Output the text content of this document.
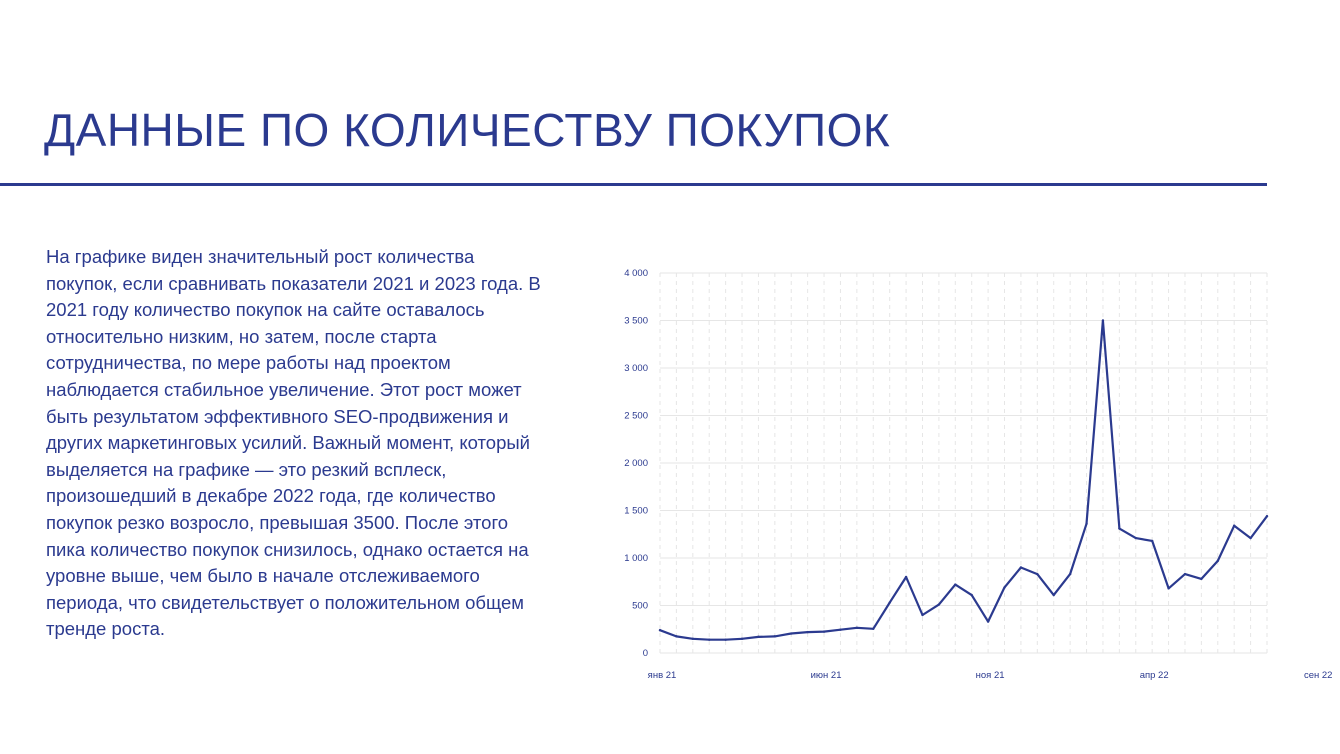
ДАННЫЕ ПО КОЛИЧЕСТВУ ПОКУПОК

На графике виден значительный рост количества покупок, если сравнивать показатели 2021 и 2023 года. В 2021 году количество покупок на сайте оставалось относительно низким, но затем, после старта сотрудничества, по мере работы над проектом наблюдается стабильное увеличение. Этот рост может быть результатом эффективного SEO-продвижения и других маркетинговых усилий. Важный момент, который выделяется на графике — это резкий всплеск, произошедший в декабре 2022 года, где количество покупок резко возросло, превышая 3500. После этого пика количество покупок снизилось, однако остается на уровне выше, чем было в начале отслеживаемого периода, что свидетельствует о положительном общем тренде роста.

0
500
1 000
1 500
2 000
2 500
3 000
3 500
4 000
янв 21	июн 21	ноя 21	апр 22	сен 22
